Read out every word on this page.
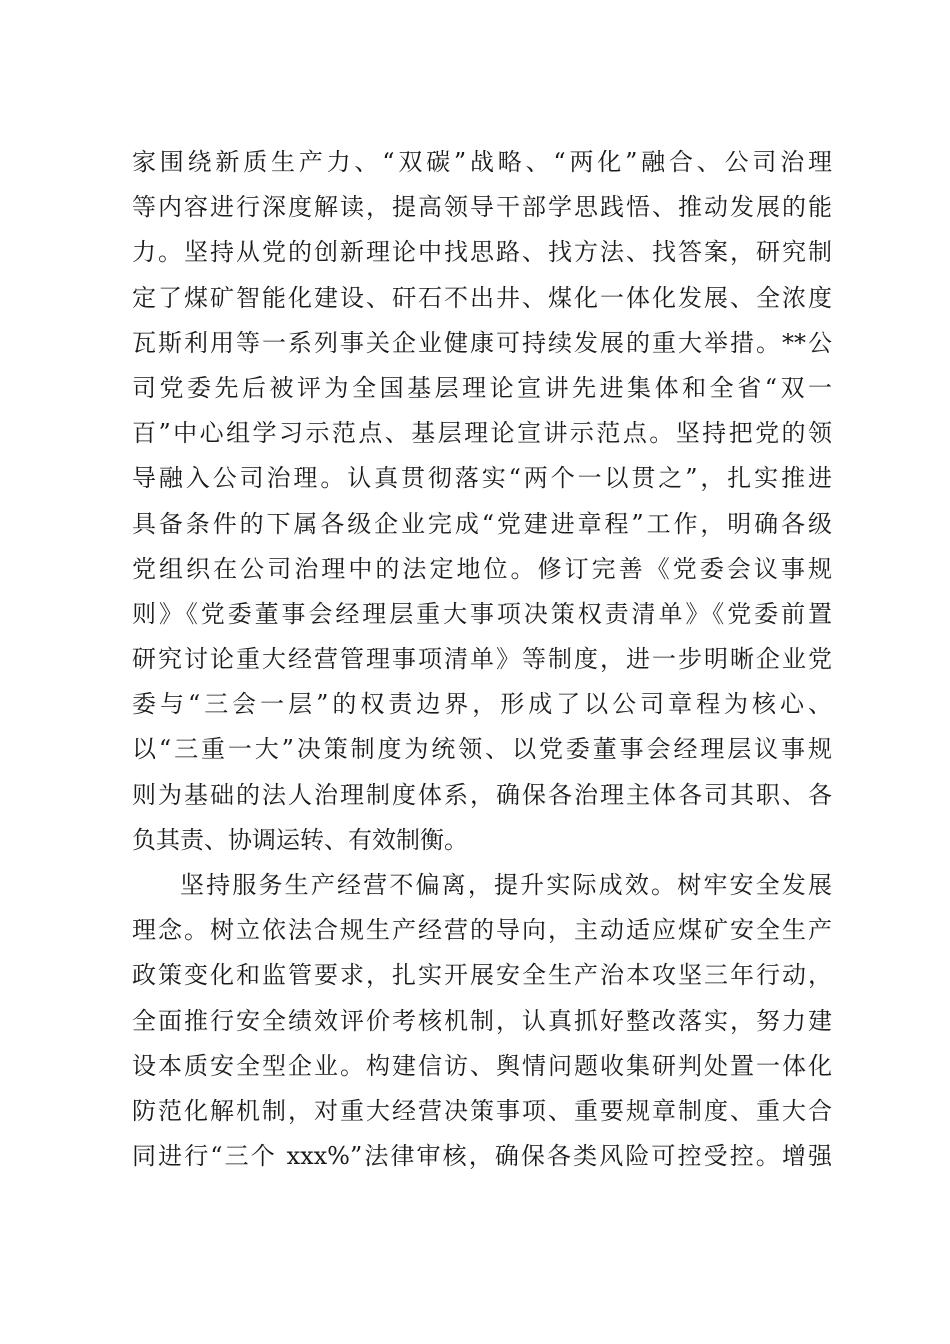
家围绕新质生产力、“双碳”战略、“两化”融合、公司治理
等内容进行深度解读，提高领导干部学思践悟、推动发展的能
力。坚持从党的创新理论中找思路、找方法、找答案，研究制
定了煤矿智能化建设、矸石不出井、煤化一体化发展、全浓度
瓦斯利用等一系列事关企业健康可持续发展的重大举措。**公
司党委先后被评为全国基层理论宣讲先进集体和全省“双一
百”中心组学习示范点、基层理论宣讲示范点。坚持把党的领
导融入公司治理。认真贯彻落实“两个一以贯之”，扎实推进
具备条件的下属各级企业完成“党建进章程”工作，明确各级
党组织在公司治理中的法定地位。修订完善《党委会议事规
则》《党委董事会经理层重大事项决策权责清单》《党委前置
研究讨论重大经营管理事项清单》等制度，进一步明晰企业党
委与“三会一层”的权责边界，形成了以公司章程为核心、
以“三重一大”决策制度为统领、以党委董事会经理层议事规
则为基础的法人治理制度体系，确保各治理主体各司其职、各
负其责、协调运转、有效制衡。
坚持服务生产经营不偏离，提升实际成效。树牢安全发展
理念。树立依法合规生产经营的导向，主动适应煤矿安全生产
政策变化和监管要求，扎实开展安全生产治本攻坚三年行动，
全面推行安全绩效评价考核机制，认真抓好整改落实，努力建
设本质安全型企业。构建信访、舆情问题收集研判处置一体化
防范化解机制，对重大经营决策事项、重要规章制度、重大合
同进行“三个 xxx%”法律审核，确保各类风险可控受控。增强
